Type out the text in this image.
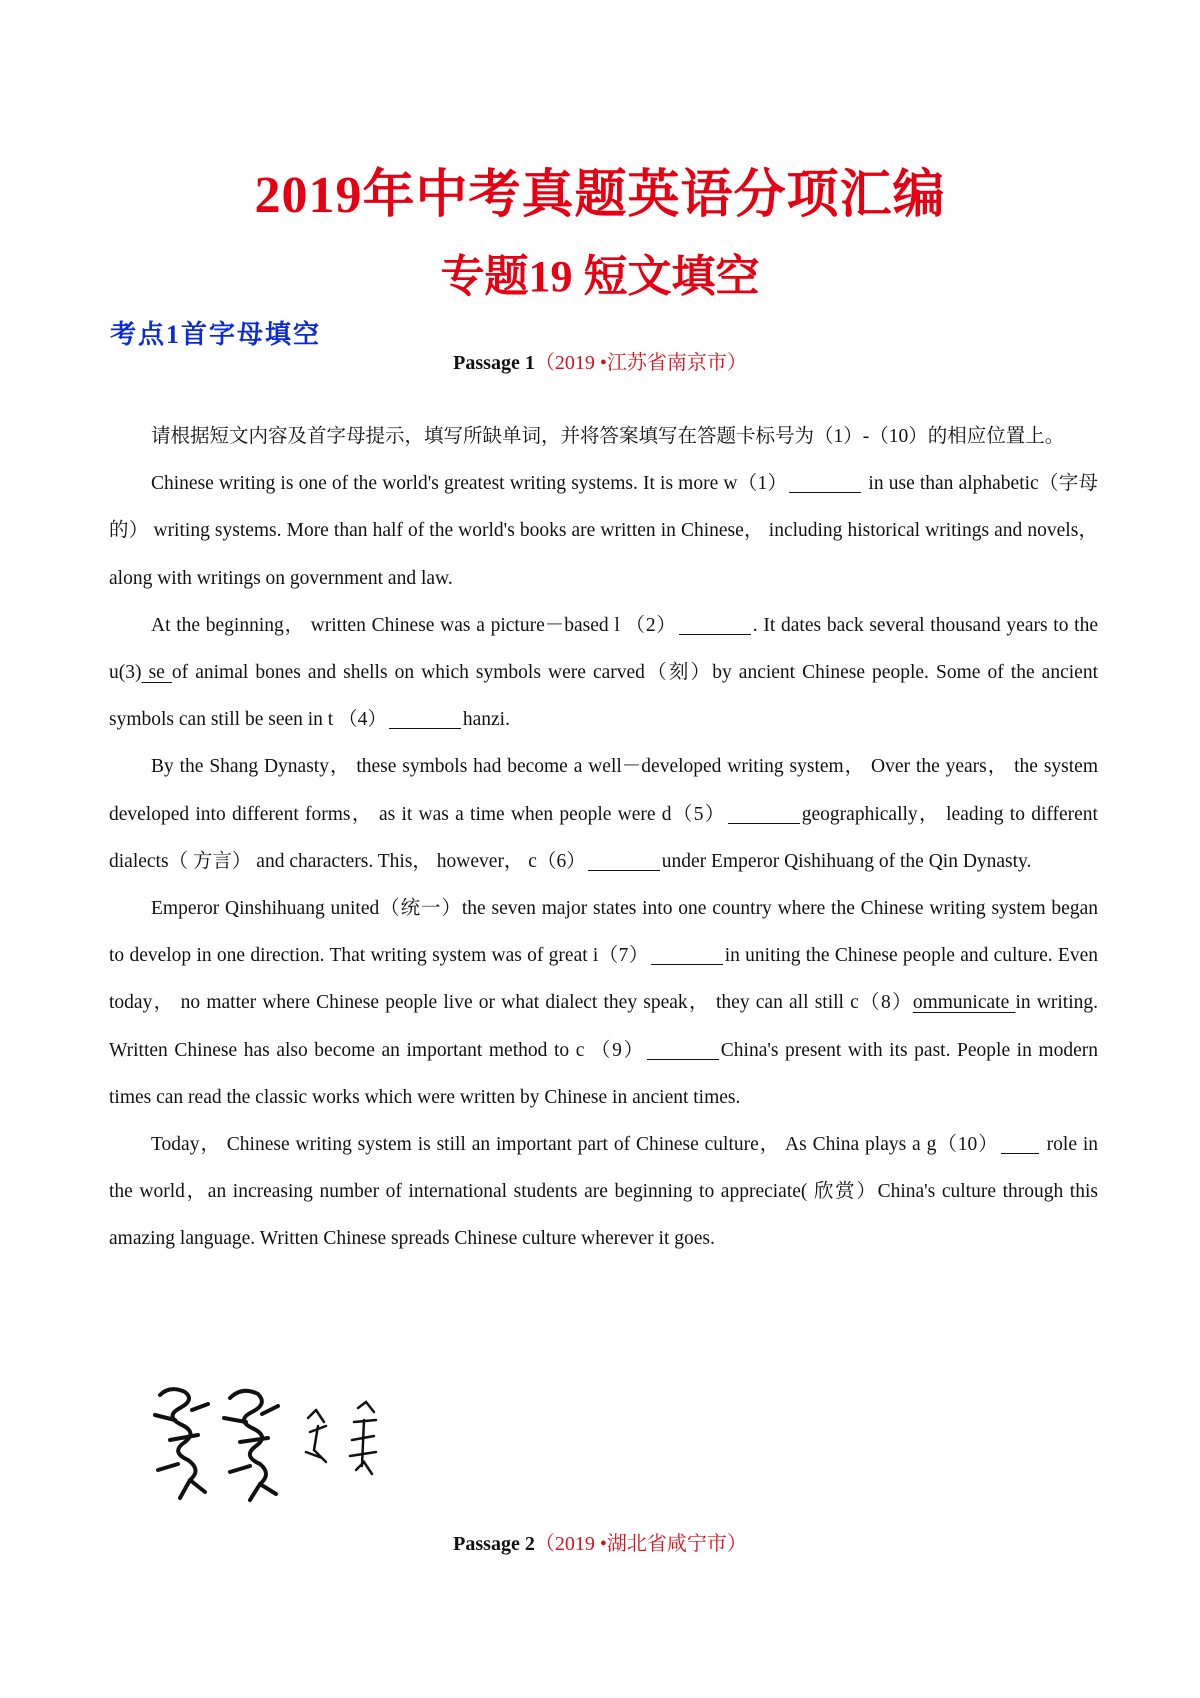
2019年中考真题英语分项汇编
专题19 短文填空
考点1首字母填空
Passage 1（2019 •江苏省南京市）

请根据短文内容及首字母提示，填写所缺单词，并将答案填写在答题卡标号为（1）-（10）的相应位置上。

Chinese writing is one of the world's greatest writing systems. It is more w（1）	in use than alphabetic（字母的） writing systems. More than half of the world's books are written in Chinese， including historical writings and novels， along with writings on government and law.

At the beginning， written Chinese was a picture－based l （2）	. It dates back several thousand years to the u(3) se of animal bones and shells on which symbols were carved（刻）by ancient Chinese people. Some of the ancient symbols can still be seen in t （4）	hanzi.

By the Shang Dynasty， these symbols had become a well－developed writing system， Over the years， the system developed into different forms， as it was a time when people were d（5）	geographically， leading to different dialects（ 方言） and characters. This， however， c（6）	under Emperor Qishihuang of the Qin Dynasty.

Emperor Qinshihuang united（统一）the seven major states into one country where the Chinese writing system began to develop in one direction. That writing system was of great i（7）	in uniting the Chinese people and culture. Even today， no matter where Chinese people live or what dialect they speak， they can all still c（8）ommunicate in writing. Written Chinese has also become an important method to c （9）	China's present with its past. People in modern times can read the classic works which were written by Chinese in ancient times.

Today， Chinese writing system is still an important part of Chinese culture， As China plays a g（10） role in the world，an increasing number of international students are beginning to appreciate( 欣赏）China's culture through this amazing language. Written Chinese spreads Chinese culture wherever it goes.

Passage 2（2019 •湖北省咸宁市）
